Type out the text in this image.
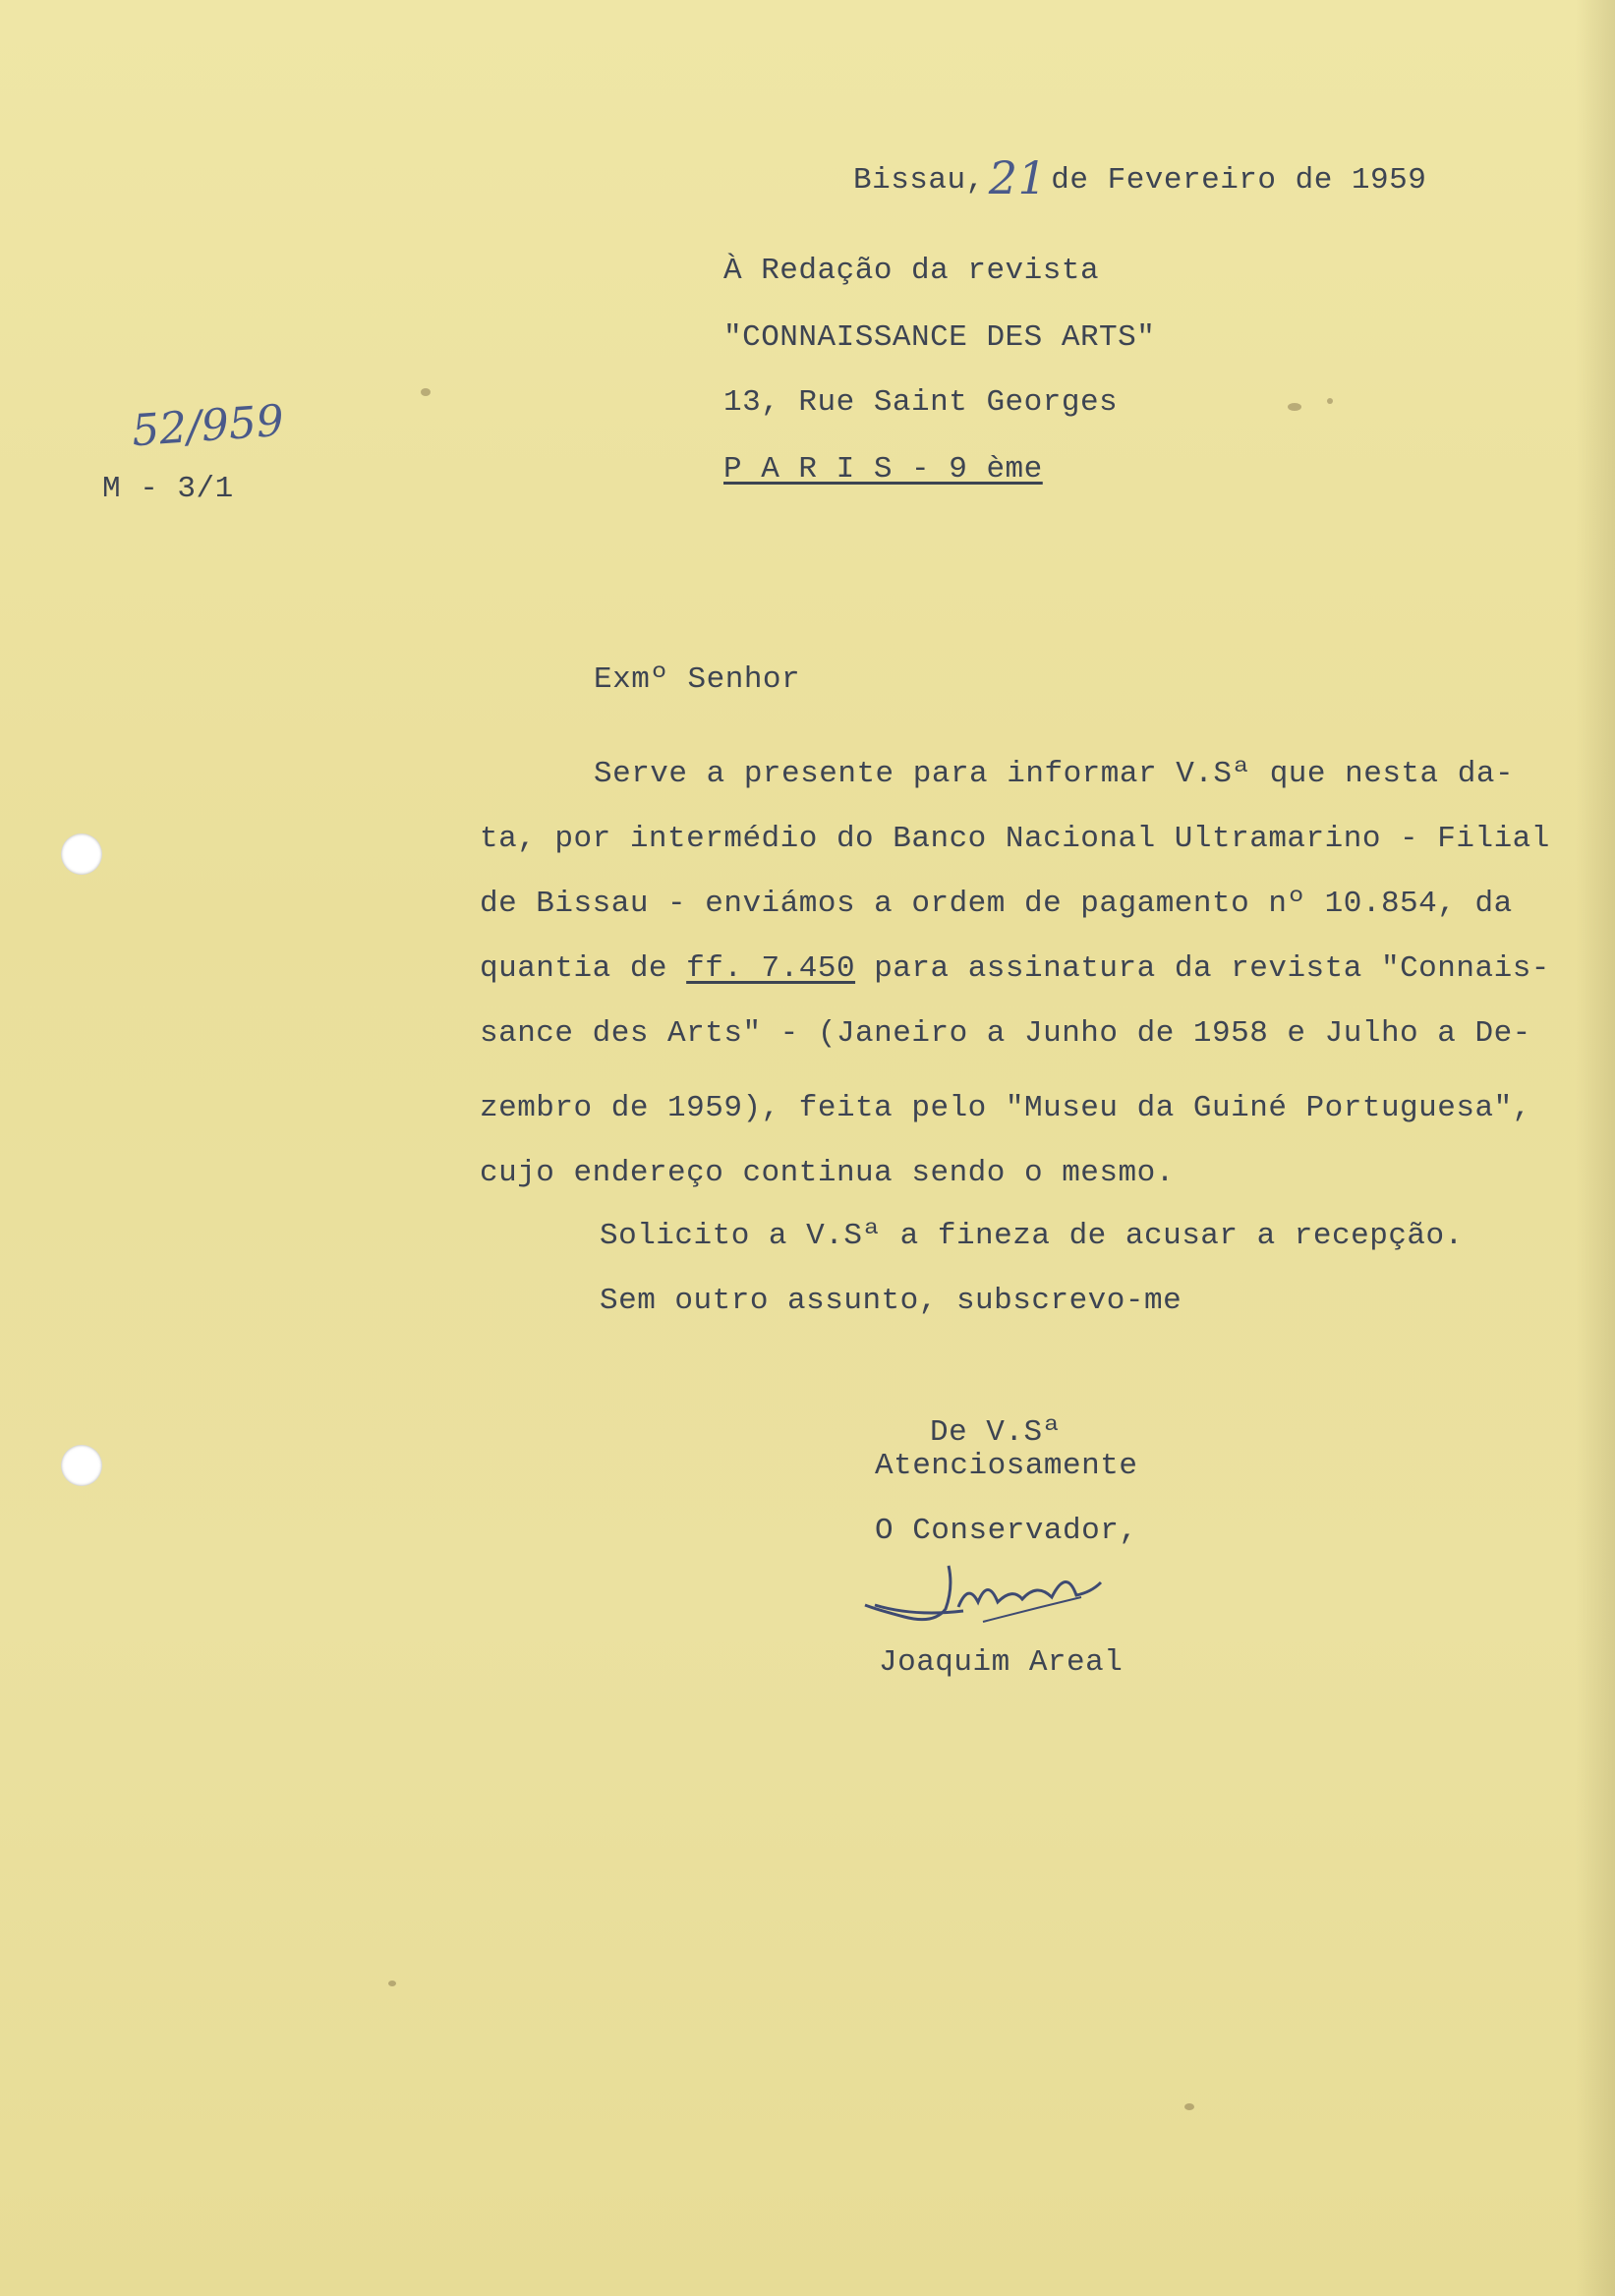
Bissau,21 de Fevereiro de 1959
À Redação da revista
"CONNAISSANCE DES ARTS"
13, Rue Saint Georges
P A R I S - 9 ème
52/959
M - 3/1
Exmº Senhor
Serve a presente para informar V.Sª que nesta da-
ta, por intermédio do Banco Nacional Ultramarino - Filial
de Bissau - enviámos a ordem de pagamento nº 10.854, da
quantia de ff. 7.450 para assinatura da revista "Connais-
sance des Arts" - (Janeiro a Junho de 1958 e Julho a De-
zembro de 1959), feita pelo "Museu da Guiné Portuguesa",
cujo endereço continua sendo o mesmo.
Solicito a V.Sª a fineza de acusar a recepção.
Sem outro assunto, subscrevo-me
De V.Sª
Atenciosamente
O Conservador,
Joaquim Areal
